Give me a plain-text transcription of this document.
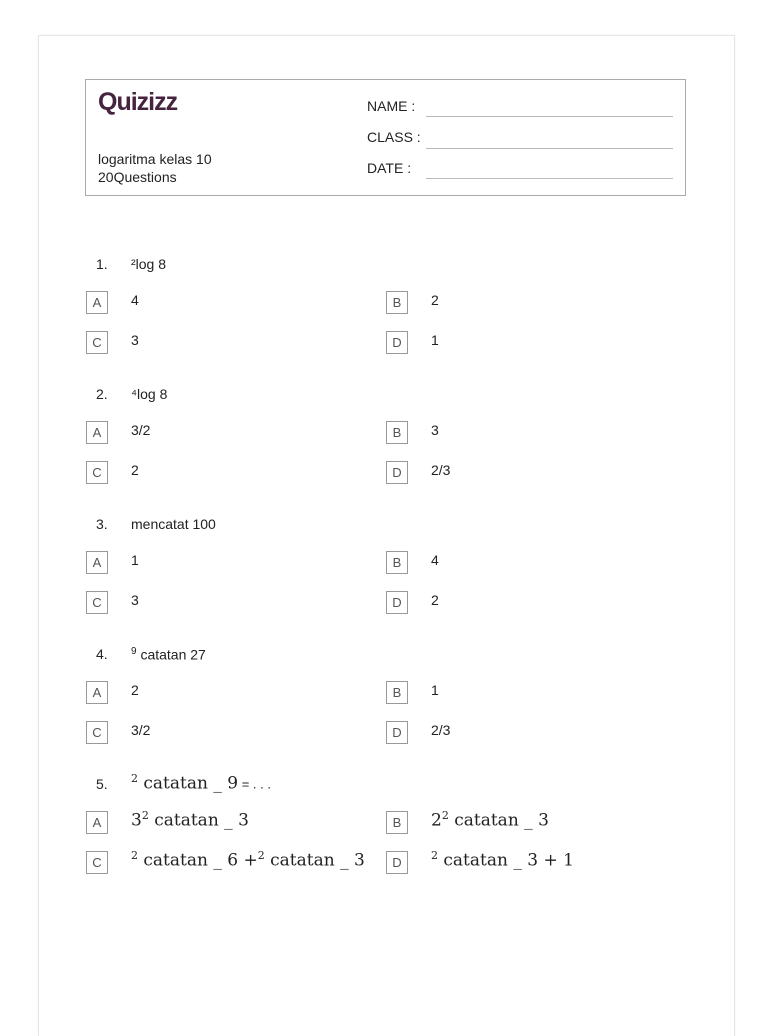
Quizizz
logaritma kelas 10
20Questions
NAME :
CLASS :
DATE :
1. ²log 8
A	4	B	2
C	3	D	1
2. ⁴log 8
A	3/2	B	3
C	2	D	2/3
3. mencatat 100
A	1	B	4
C	3	D	2
4. $^9$ catatan 27
A	2	B	1
C	3/2	D	2/3
5. $^2$ catatan _ 9 = . . .
A	$3^2$ catatan _ 3	B	$2^2$ catatan _ 3
C	$^2$ catatan _ 6 +$^2$ catatan _ 3	D	$^2$ catatan _ 3 + 1
